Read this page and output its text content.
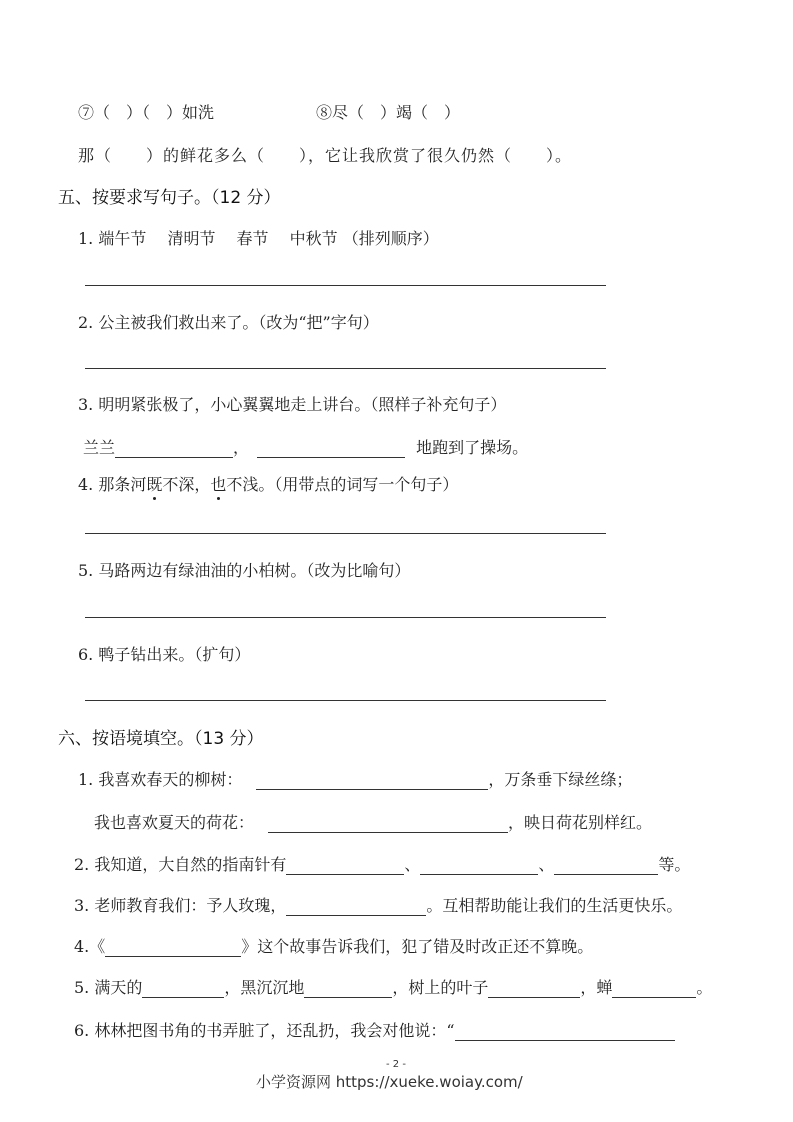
⑦（　）（　）如洗	⑧尽（　）竭（　）
那（　　）的鲜花多么（　　），它让我欣赏了很久仍然（　　）。
五、按要求写句子。（12 分）
1. 端午节　 清明节　 春节　 中秋节 （排列顺序）
2. 公主被我们救出来了。（改为“把”字句）
3. 明明紧张极了，小心翼翼地走上讲台。（照样子补充句子）
兰兰	，	地跑到了操场。
4. 那条河既不深，也不浅。（用带点的词写一个句子）
5. 马路两边有绿油油的小柏树。（改为比喻句）
6. 鸭子钻出来。（扩句）
六、按语境填空。（13 分）
1. 我喜欢春天的柳树：	，万条垂下绿丝绦；
我也喜欢夏天的荷花：	，映日荷花别样红。
2. 我知道，大自然的指南针有	、	、	等。
3. 老师教育我们：予人玫瑰，	。互相帮助能让我们的生活更快乐。
4.《	》这个故事告诉我们，犯了错及时改正还不算晚。
5. 满天的	，黑沉沉地	，树上的叶子	，蝉	。
6. 林林把图书角的书弄脏了，还乱扔，我会对他说：“
- 2 -
小学资源网 https://xueke.woiay.com/
